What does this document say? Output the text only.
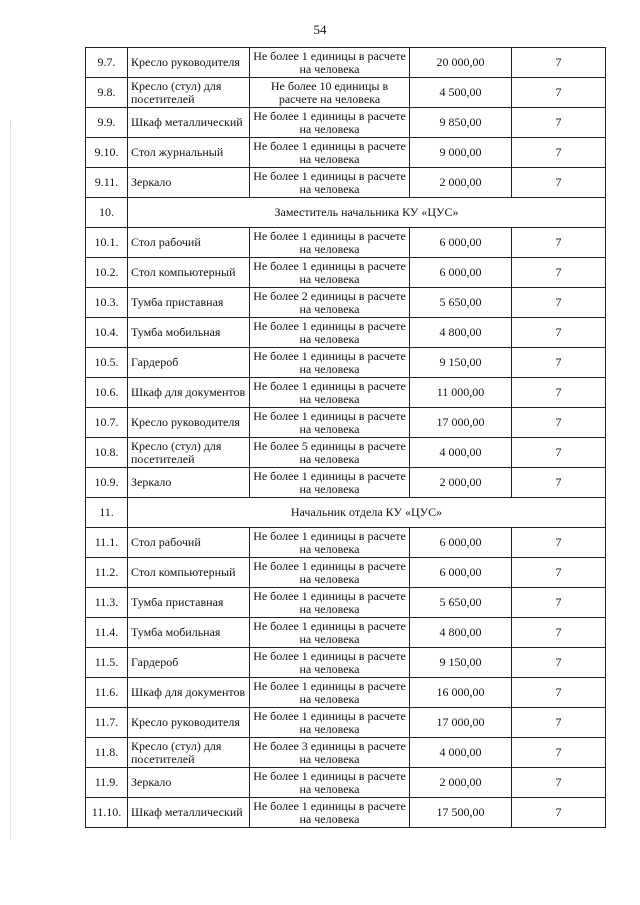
54
9.7.	Кресло руководителя	Не более 1 единицы в расчете на человека	20 000,00	7
9.8.	Кресло (стул) для посетителей	Не более 10 единицы в расчете на человека	4 500,00	7
9.9.	Шкаф металлический	Не более 1 единицы в расчете на человека	9 850,00	7
9.10.	Стол журнальный	Не более 1 единицы в расчете на человека	9 000,00	7
9.11.	Зеркало	Не более 1 единицы в расчете на человека	2 000,00	7
10.	Заместитель начальника КУ «ЦУС»			
10.1.	Стол рабочий	Не более 1 единицы в расчете на человека	6 000,00	7
10.2.	Стол компьютерный	Не более 1 единицы в расчете на человека	6 000,00	7
10.3.	Тумба приставная	Не более 2 единицы в расчете на человека	5 650,00	7
10.4.	Тумба мобильная	Не более 1 единицы в расчете на человека	4 800,00	7
10.5.	Гардероб	Не более 1 единицы в расчете на человека	9 150,00	7
10.6.	Шкаф для документов	Не более 1 единицы в расчете на человека	11 000,00	7
10.7.	Кресло руководителя	Не более 1 единицы в расчете на человека	17 000,00	7
10.8.	Кресло (стул) для посетителей	Не более 5 единицы в расчете на человека	4 000,00	7
10.9.	Зеркало	Не более 1 единицы в расчете на человека	2 000,00	7
11.	Начальник отдела КУ «ЦУС»			
11.1.	Стол рабочий	Не более 1 единицы в расчете на человека	6 000,00	7
11.2.	Стол компьютерный	Не более 1 единицы в расчете на человека	6 000,00	7
11.3.	Тумба приставная	Не более 1 единицы в расчете на человека	5 650,00	7
11.4.	Тумба мобильная	Не более 1 единицы в расчете на человека	4 800,00	7
11.5.	Гардероб	Не более 1 единицы в расчете на человека	9 150,00	7
11.6.	Шкаф для документов	Не более 1 единицы в расчете на человека	16 000,00	7
11.7.	Кресло руководителя	Не более 1 единицы в расчете на человека	17 000,00	7
11.8.	Кресло (стул) для посетителей	Не более 3 единицы в расчете на человека	4 000,00	7
11.9.	Зеркало	Не более 1 единицы в расчете на человека	2 000,00	7
11.10.	Шкаф металлический	Не более 1 единицы в расчете на человека	17 500,00	7
